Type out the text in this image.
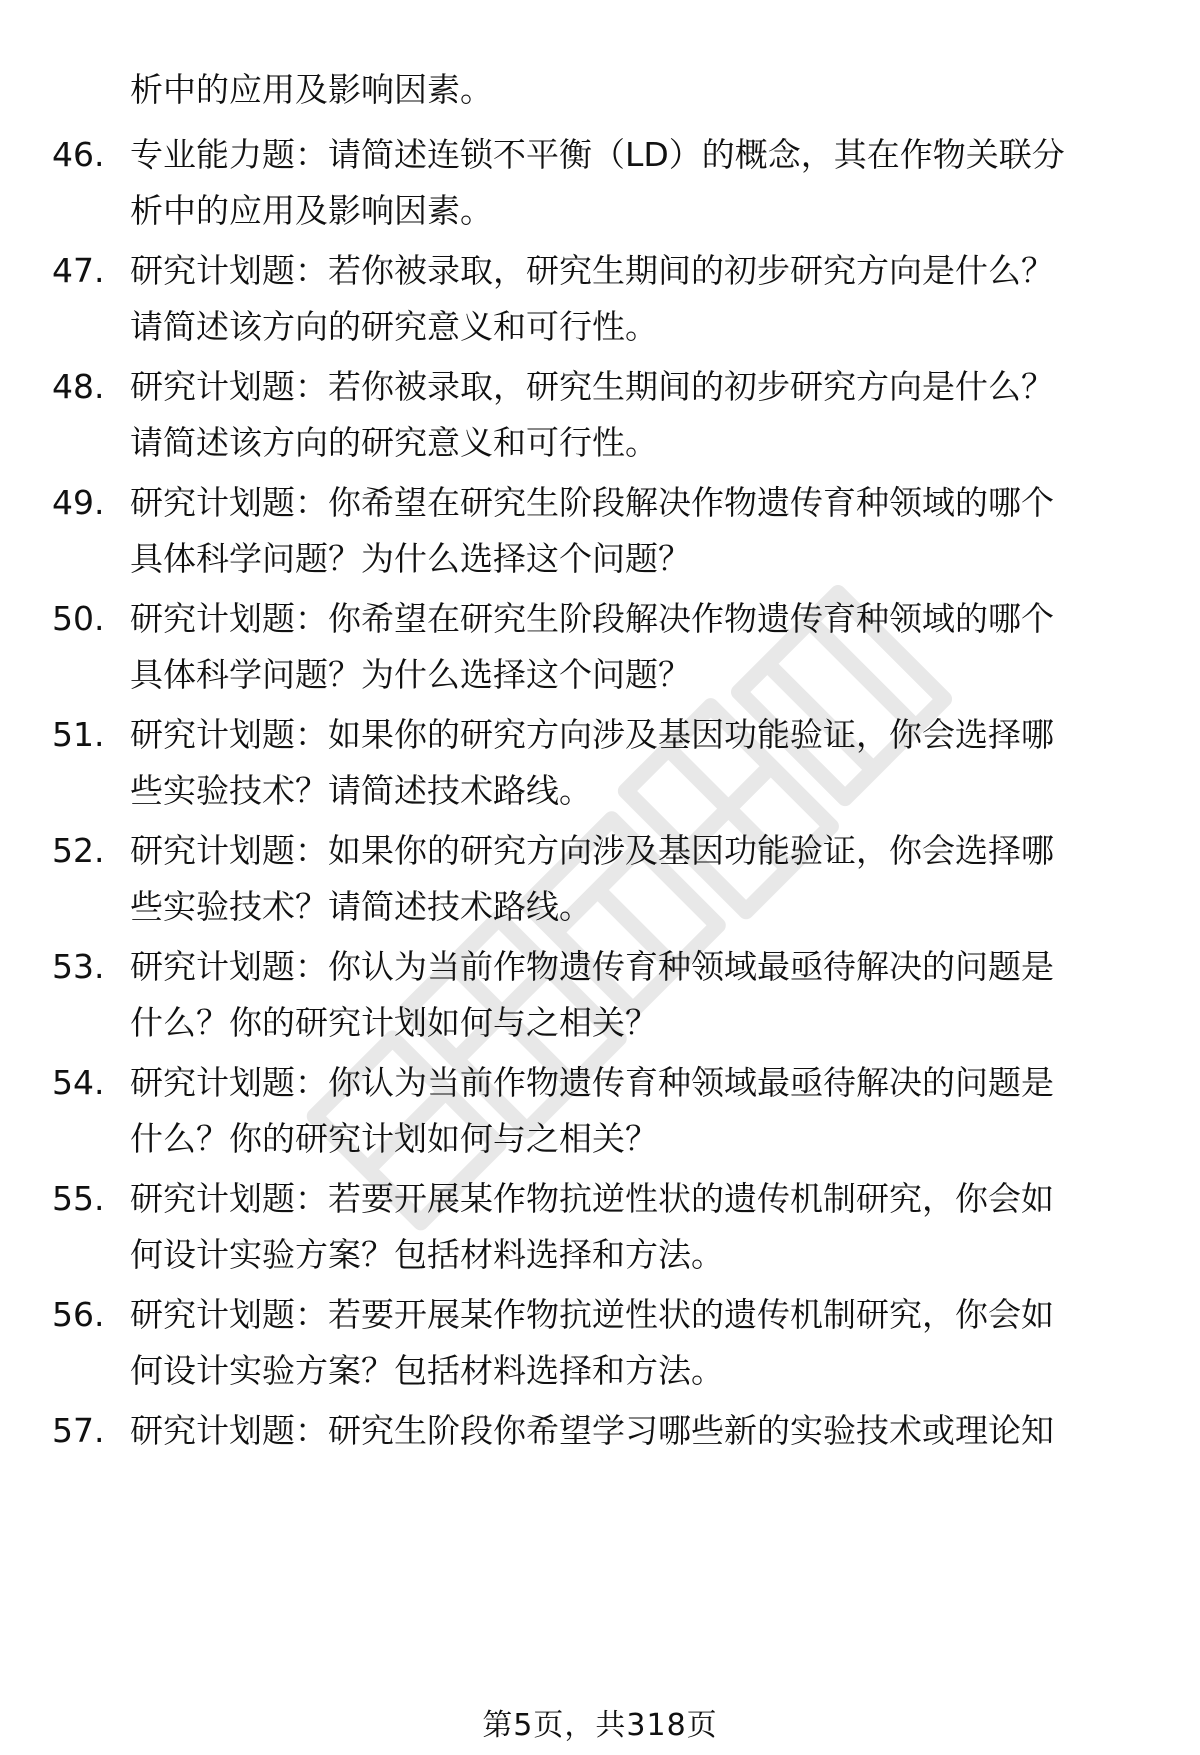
析中的应用及影响因素。
46. 专业能力题：请简述连锁不平衡（LD）的概念，其在作物关联分
析中的应用及影响因素。
47. 研究计划题：若你被录取，研究生期间的初步研究方向是什么？
请简述该方向的研究意义和可行性。
48. 研究计划题：若你被录取，研究生期间的初步研究方向是什么？
请简述该方向的研究意义和可行性。
49. 研究计划题：你希望在研究生阶段解决作物遗传育种领域的哪个
具体科学问题？为什么选择这个问题？
50. 研究计划题：你希望在研究生阶段解决作物遗传育种领域的哪个
具体科学问题？为什么选择这个问题？
51. 研究计划题：如果你的研究方向涉及基因功能验证，你会选择哪
些实验技术？请简述技术路线。
52. 研究计划题：如果你的研究方向涉及基因功能验证，你会选择哪
些实验技术？请简述技术路线。
53. 研究计划题：你认为当前作物遗传育种领域最亟待解决的问题是
什么？你的研究计划如何与之相关？
54. 研究计划题：你认为当前作物遗传育种领域最亟待解决的问题是
什么？你的研究计划如何与之相关？
55. 研究计划题：若要开展某作物抗逆性状的遗传机制研究，你会如
何设计实验方案？包括材料选择和方法。
56. 研究计划题：若要开展某作物抗逆性状的遗传机制研究，你会如
何设计实验方案？包括材料选择和方法。
57. 研究计划题：研究生阶段你希望学习哪些新的实验技术或理论知
第5页，共318页
